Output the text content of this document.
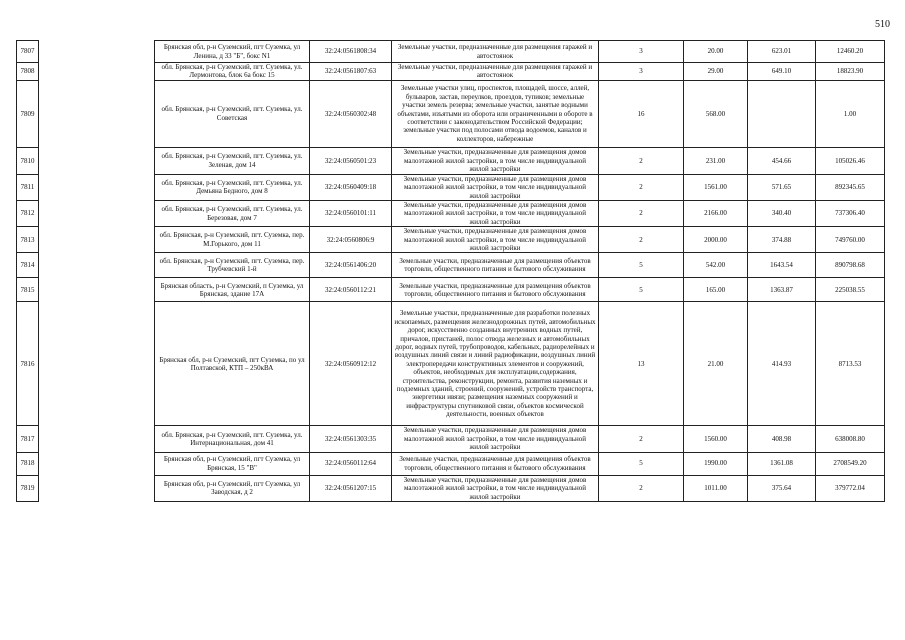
510
7807		Брянская обл, р-н Суземский, пгт Суземка, ул Ленина, д 33 "Б", бокс N1	32:24:0561808:34	Земельные участки, предназначенные для размещения гаражей и автостоянок	3	20.00	623.01	12460.20
7808		обл. Брянская, р-н Суземский, пгт. Суземка, ул. Лермонтова, блок 6а бокс 15	32:24:0561807:63	Земельные участки, предназначенные для размещения гаражей и автостоянок	3	29.00	649.10	18823.90
7809		обл. Брянская, р-н Суземский, пгт. Суземка, ул. Советская	32:24:0560302:48	Земельные участки улиц, проспектов, площадей, шоссе, аллей, бульваров, застав, переулков, проездов, тупиков; земельные участки земель резерва; земельные участки, занятые водными объектами, изъятыми из оборота или ограниченными в обороте в соответствии с законодательством Российской Федерации; земельные участки под полосами отвода водоемов, каналов и коллекторов, набережные	16	568.00		1.00
7810		обл. Брянская, р-н Суземский, пгт. Суземка, ул. Зеленая, дом 14	32:24:0560501:23	Земельные участки, предназначенные для размещения домов малоэтажной жилой застройки, в том числе индивидуальной жилой застройки	2	231.00	454.66	105026.46
7811		обл. Брянская, р-н Суземский, пгт. Суземка, ул. Демьяна Бедного, дом 8	32:24:0560409:18	Земельные участки, предназначенные для размещения домов малоэтажной жилой застройки, в том числе индивидуальной жилой застройки	2	1561.00	571.65	892345.65
7812		обл. Брянская, р-н Суземский, пгт. Суземка, ул. Березовая, дом 7	32:24:0560101:11	Земельные участки, предназначенные для размещения домов малоэтажной жилой застройки, в том числе индивидуальной жилой застройки	2	2166.00	340.40	737306.40
7813		обл. Брянская, р-н Суземский, пгт. Суземка, пер. М.Горького, дом 11	32:24:0560806:9	Земельные участки, предназначенные для размещения домов малоэтажной жилой застройки, в том числе индивидуальной жилой застройки	2	2000.00	374.88	749760.00
7814		обл. Брянская, р-н Суземский, пгт. Суземка, пер. Трубчевский 1-й	32:24:0561406:20	Земельные участки, предназначенные для размещения объектов торговли, общественного питания и бытового обслуживания	5	542.00	1643.54	890798.68
7815		Брянская область, р-н Суземский, п Суземка, ул Брянская, здание 17А	32:24:0560112:21	Земельные участки, предназначенные для размещения объектов торговли, общественного питания и бытового обслуживания	5	165.00	1363.87	225038.55
7816		Брянская обл, р-н Суземский, пгт Суземка, по ул Полтавской, КТП – 250кВА	32:24:0560912:12	Земельные участки, предназначенные для разработки полезных ископаемых, размещения железнодорожных путей, автомобильных дорог, искусственно созданных внутренних водных путей, причалов, пристаней, полос отвода железных и автомобильных дорог, водных путей, трубопроводов, кабельных, радиорелейных и воздушных линий связи и линий радиофикации, воздушных линий электропередачи конструктивных элементов и сооружений, объектов, необходимых для эксплуатации,содержания, строительства, реконструкции, ремонта, развития наземных и подземных зданий, строений, сооружений, устройств транспорта, энергетики ивязи; размещения наземных сооружений и инфраструктуры спутниковой связи, объектов космической деятельности, военных объектов	13	21.00	414.93	8713.53
7817		обл. Брянская, р-н Суземский, пгт. Суземка, ул. Интернациональная, дом 41	32:24:0561303:35	Земельные участки, предназначенные для размещения домов малоэтажной жилой застройки, в том числе индивидуальной жилой застройки	2	1560.00	408.98	638008.80
7818		Брянская обл, р-н Суземский, пгт Суземка, ул Брянская, 15 "В"	32:24:0560112:64	Земельные участки, предназначенные для размещения объектов торговли, общественного питания и бытового обслуживания	5	1990.00	1361.08	2708549.20
7819		Брянская обл, р-н Суземский, пгт Суземка, ул Заводская, д 2	32:24:0561207:15	Земельные участки, предназначенные для размещения домов малоэтажной жилой застройки, в том числе индивидуальной жилой застройки	2	1011.00	375.64	379772.04
